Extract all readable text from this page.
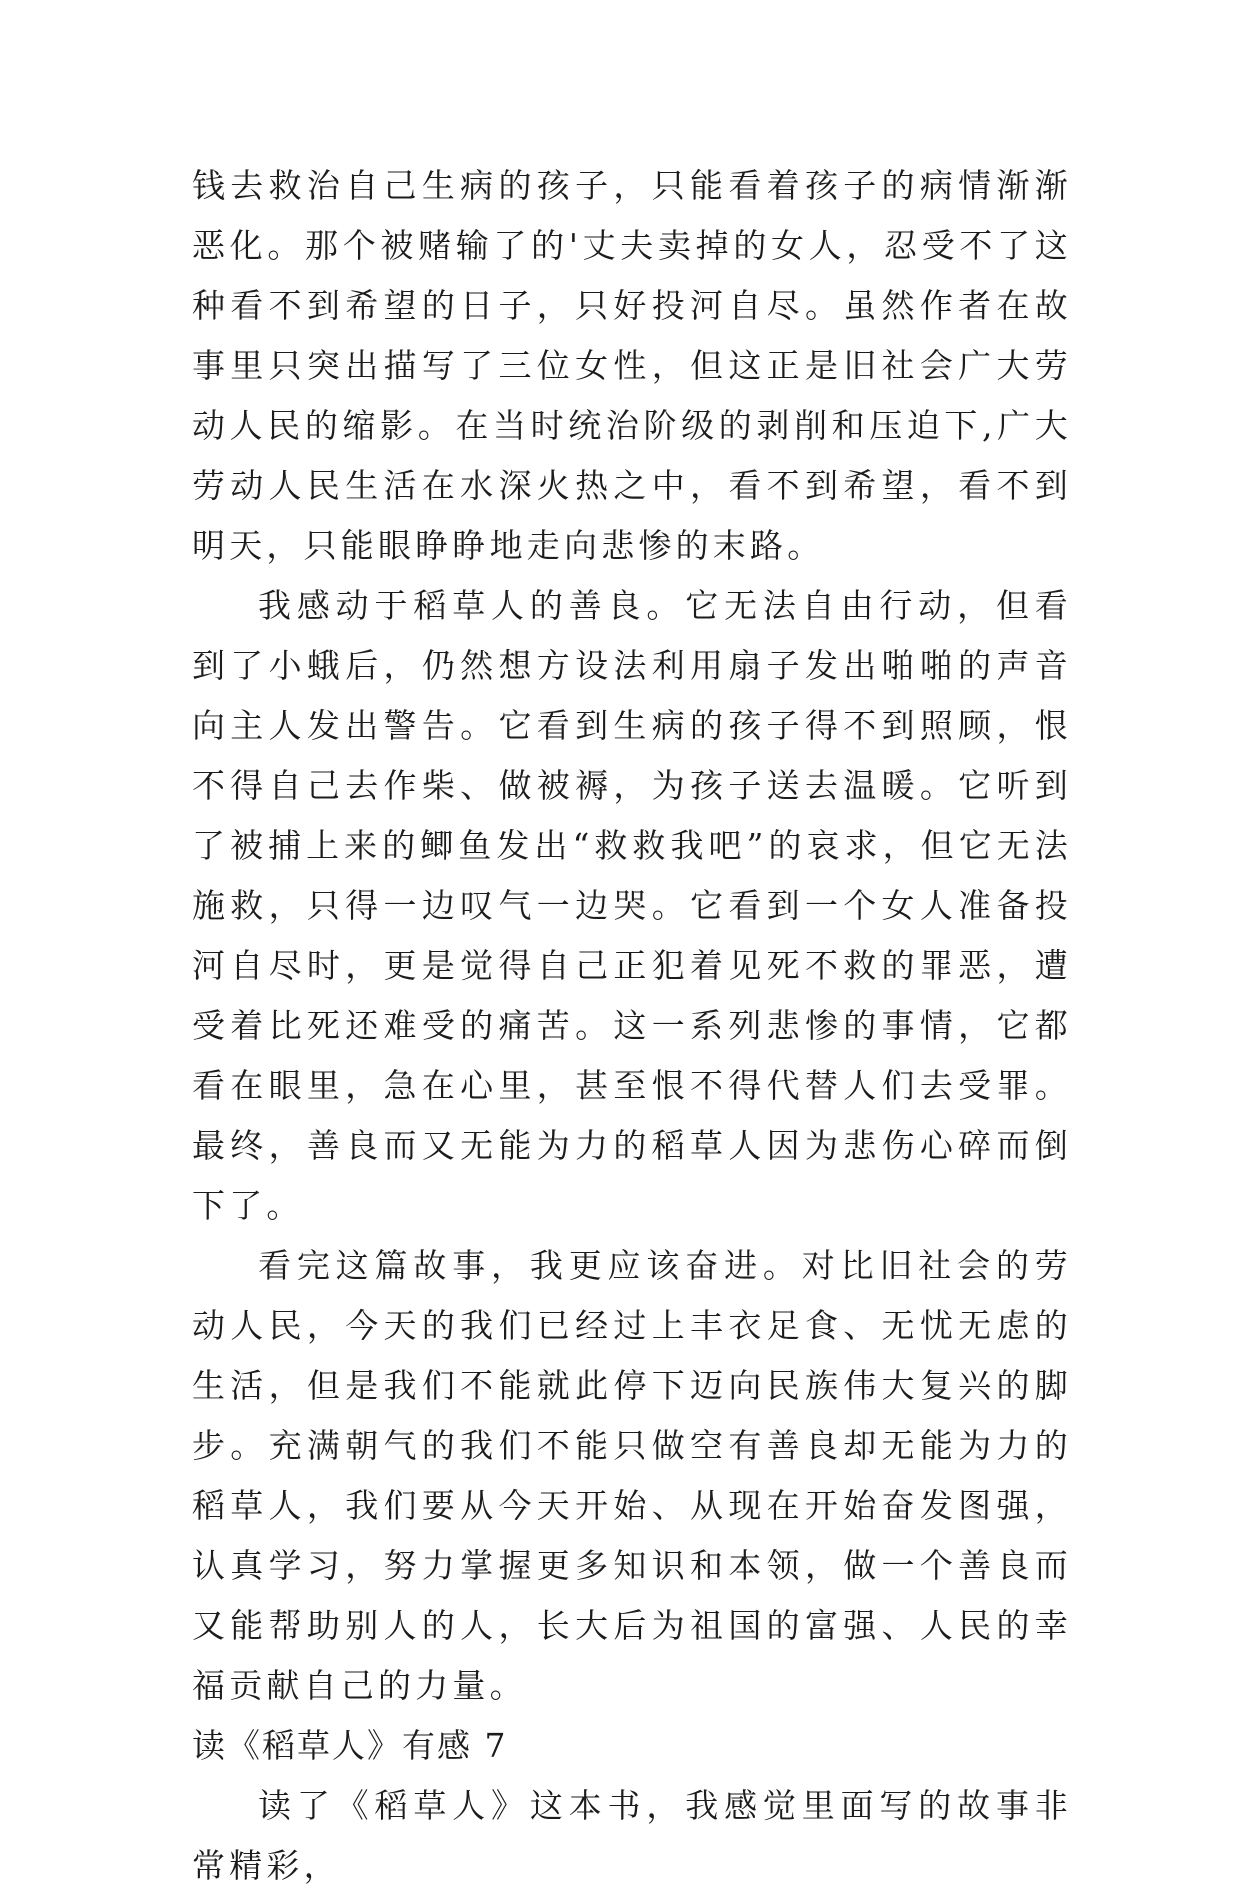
钱去救治自己生病的孩子，只能看着孩子的病情渐渐恶化。那个被赌输了的'丈夫卖掉的女人，忍受不了这种看不到希望的日子，只好投河自尽。虽然作者在故事里只突出描写了三位女性，但这正是旧社会广大劳动人民的缩影。在当时统治阶级的剥削和压迫下,广大劳动人民生活在水深火热之中，看不到希望，看不到明天，只能眼睁睁地走向悲惨的末路。

我感动于稻草人的善良。它无法自由行动，但看到了小蛾后，仍然想方设法利用扇子发出啪啪的声音向主人发出警告。它看到生病的孩子得不到照顾，恨不得自己去作柴、做被褥，为孩子送去温暖。它听到了被捕上来的鲫鱼发出“救救我吧”的哀求，但它无法施救，只得一边叹气一边哭。它看到一个女人准备投河自尽时，更是觉得自己正犯着见死不救的罪恶，遭受着比死还难受的痛苦。这一系列悲惨的事情，它都看在眼里，急在心里，甚至恨不得代替人们去受罪。最终，善良而又无能为力的稻草人因为悲伤心碎而倒下了。

看完这篇故事，我更应该奋进。对比旧社会的劳动人民，今天的我们已经过上丰衣足食、无忧无虑的生活，但是我们不能就此停下迈向民族伟大复兴的脚步。充满朝气的我们不能只做空有善良却无能为力的稻草人，我们要从今天开始、从现在开始奋发图强，认真学习，努力掌握更多知识和本领，做一个善良而又能帮助别人的人，长大后为祖国的富强、人民的幸福贡献自己的力量。

读《稻草人》有感 7

读了《稻草人》这本书，我感觉里面写的故事非常精彩，
